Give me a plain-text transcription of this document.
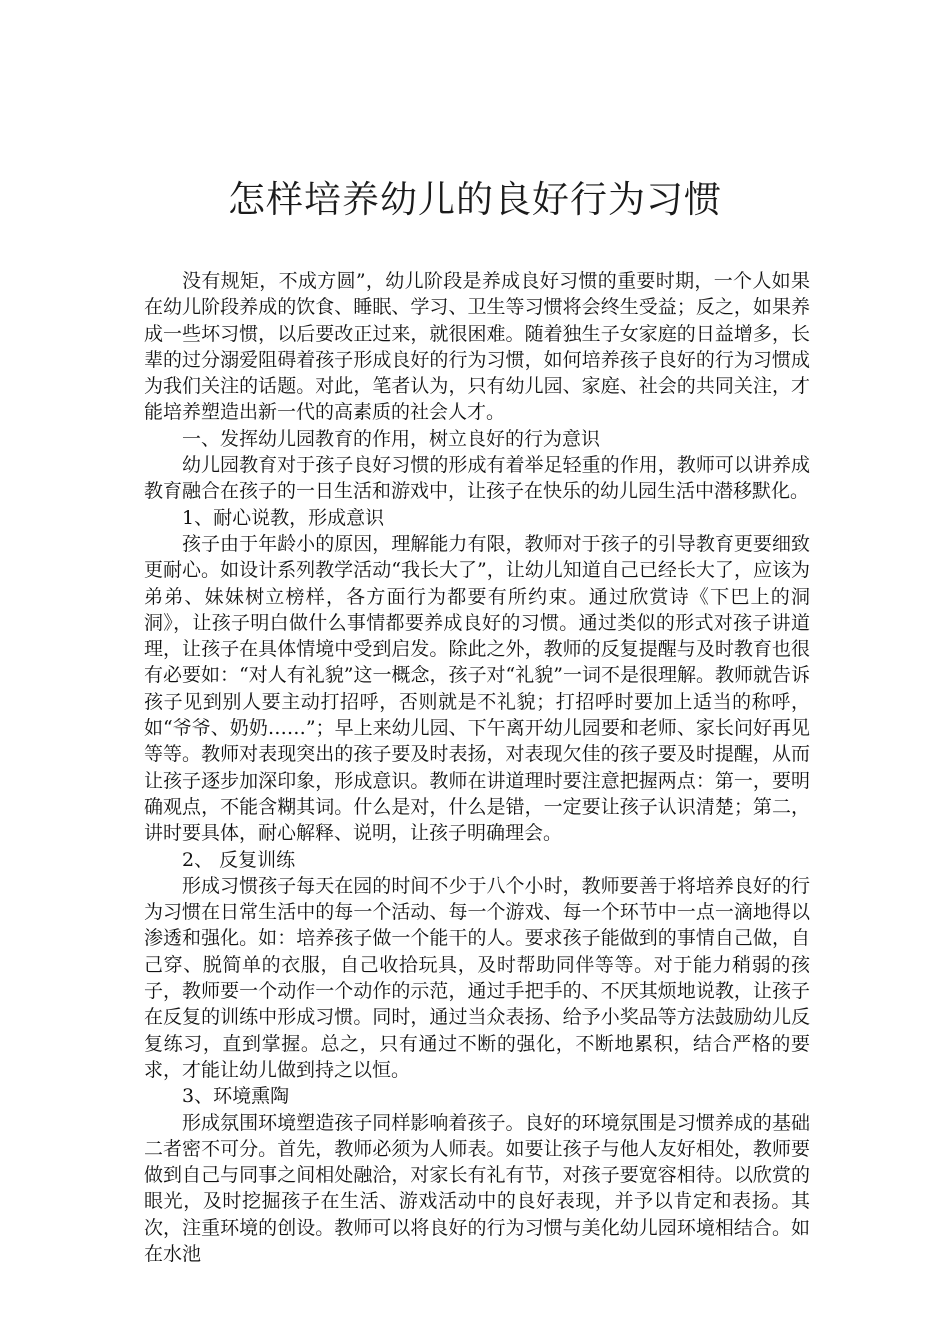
怎样培养幼儿的良好行为习惯

没有规矩，不成方圆”，幼儿阶段是养成良好习惯的重要时期，一个人如果在幼儿阶段养成的饮食、睡眠、学习、卫生等习惯将会终生受益；反之，如果养成一些坏习惯，以后要改正过来，就很困难。随着独生子女家庭的日益增多，长辈的过分溺爱阻碍着孩子形成良好的行为习惯，如何培养孩子良好的行为习惯成为我们关注的话题。对此，笔者认为，只有幼儿园、家庭、社会的共同关注，才能培养塑造出新一代的高素质的社会人才。

一、发挥幼儿园教育的作用，树立良好的行为意识

幼儿园教育对于孩子良好习惯的形成有着举足轻重的作用，教师可以讲养成教育融合在孩子的一日生活和游戏中，让孩子在快乐的幼儿园生活中潜移默化。

1、耐心说教，形成意识

孩子由于年龄小的原因，理解能力有限，教师对于孩子的引导教育更要细致更耐心。如设计系列教学活动“我长大了”，让幼儿知道自己已经长大了，应该为弟弟、妹妹树立榜样，各方面行为都要有所约束。通过欣赏诗《下巴上的洞洞》，让孩子明白做什么事情都要养成良好的习惯。通过类似的形式对孩子讲道理，让孩子在具体情境中受到启发。除此之外，教师的反复提醒与及时教育也很有必要如：“对人有礼貌”这一概念，孩子对“礼貌”一词不是很理解。教师就告诉孩子见到别人要主动打招呼，否则就是不礼貌；打招呼时要加上适当的称呼，如“爷爷、奶奶……”；早上来幼儿园、下午离开幼儿园要和老师、家长问好再见等等。教师对表现突出的孩子要及时表扬，对表现欠佳的孩子要及时提醒，从而让孩子逐步加深印象，形成意识。教师在讲道理时要注意把握两点：第一，要明确观点，不能含糊其词。什么是对，什么是错，一定要让孩子认识清楚；第二，讲时要具体，耐心解释、说明，让孩子明确理会。

2、 反复训练

形成习惯孩子每天在园的时间不少于八个小时，教师要善于将培养良好的行为习惯在日常生活中的每一个活动、每一个游戏、每一个环节中一点一滴地得以渗透和强化。如：培养孩子做一个能干的人。要求孩子能做到的事情自己做，自己穿、脱简单的衣服，自己收拾玩具，及时帮助同伴等等。对于能力稍弱的孩子，教师要一个动作一个动作的示范，通过手把手的、不厌其烦地说教，让孩子在反复的训练中形成习惯。同时，通过当众表扬、给予小奖品等方法鼓励幼儿反复练习，直到掌握。总之，只有通过不断的强化，不断地累积，结合严格的要求，才能让幼儿做到持之以恒。

3、环境熏陶

形成氛围环境塑造孩子同样影响着孩子。良好的环境氛围是习惯养成的基础二者密不可分。首先，教师必须为人师表。如要让孩子与他人友好相处，教师要做到自己与同事之间相处融洽，对家长有礼有节，对孩子要宽容相待。以欣赏的眼光，及时挖掘孩子在生活、游戏活动中的良好表现，并予以肯定和表扬。其次，注重环境的创设。教师可以将良好的行为习惯与美化幼儿园环境相结合。如在水池
